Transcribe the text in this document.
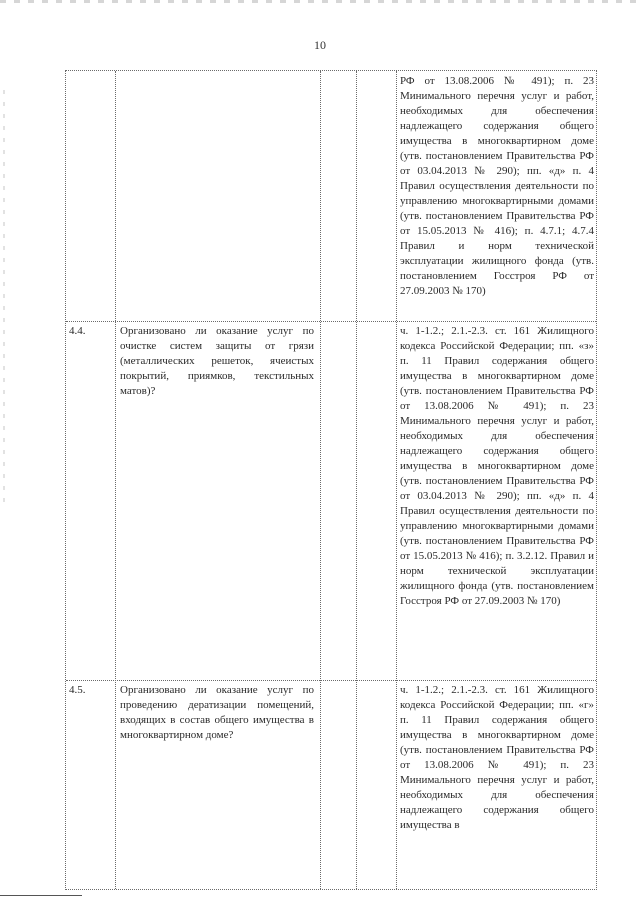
10
РФ от 13.08.2006 № 491); п. 23 Минимального перечня услуг и работ, необходимых для обеспечения надлежащего содержания общего имущества в многоквартирном доме (утв. постановлением Правительства РФ от 03.04.2013 № 290); пп. «д» п. 4 Правил осуществления деятельности по управлению многоквартирными домами (утв. постановлением Правительства РФ от 15.05.2013 № 416); п. 4.7.1; 4.7.4 Правил и норм технической эксплуатации жилищного фонда (утв. постановлением Госстроя РФ от 27.09.2003 № 170)
4.4.	Организовано ли оказание услуг по очистке систем защиты от грязи (металлических решеток, ячеистых покрытий, приямков, текстильных матов)?
ч. 1-1.2.; 2.1.-2.3. ст. 161 Жилищного кодекса Российской Федерации; пп. «з» п. 11 Правил содержания общего имущества в многоквартирном доме (утв. постановлением Правительства РФ от 13.08.2006 № 491); п. 23 Минимального перечня услуг и работ, необходимых для обеспечения надлежащего содержания общего имущества в многоквартирном доме (утв. постановлением Правительства РФ от 03.04.2013 № 290); пп. «д» п. 4 Правил осуществления деятельности по управлению многоквартирными домами (утв. постановлением Правительства РФ от 15.05.2013 № 416); п. 3.2.12. Правил и норм технической эксплуатации жилищного фонда (утв. постановлением Госстроя РФ от 27.09.2003 № 170)
4.5.	Организовано ли оказание услуг по проведению дератизации помещений, входящих в состав общего имущества в многоквартирном доме?
ч. 1-1.2.; 2.1.-2.3. ст. 161 Жилищного кодекса Российской Федерации; пп. «г» п. 11 Правил содержания общего имущества в многоквартирном доме (утв. постановлением Правительства РФ от 13.08.2006 № 491); п. 23 Минимального перечня услуг и работ, необходимых для обеспечения надлежащего содержания общего имущества в
